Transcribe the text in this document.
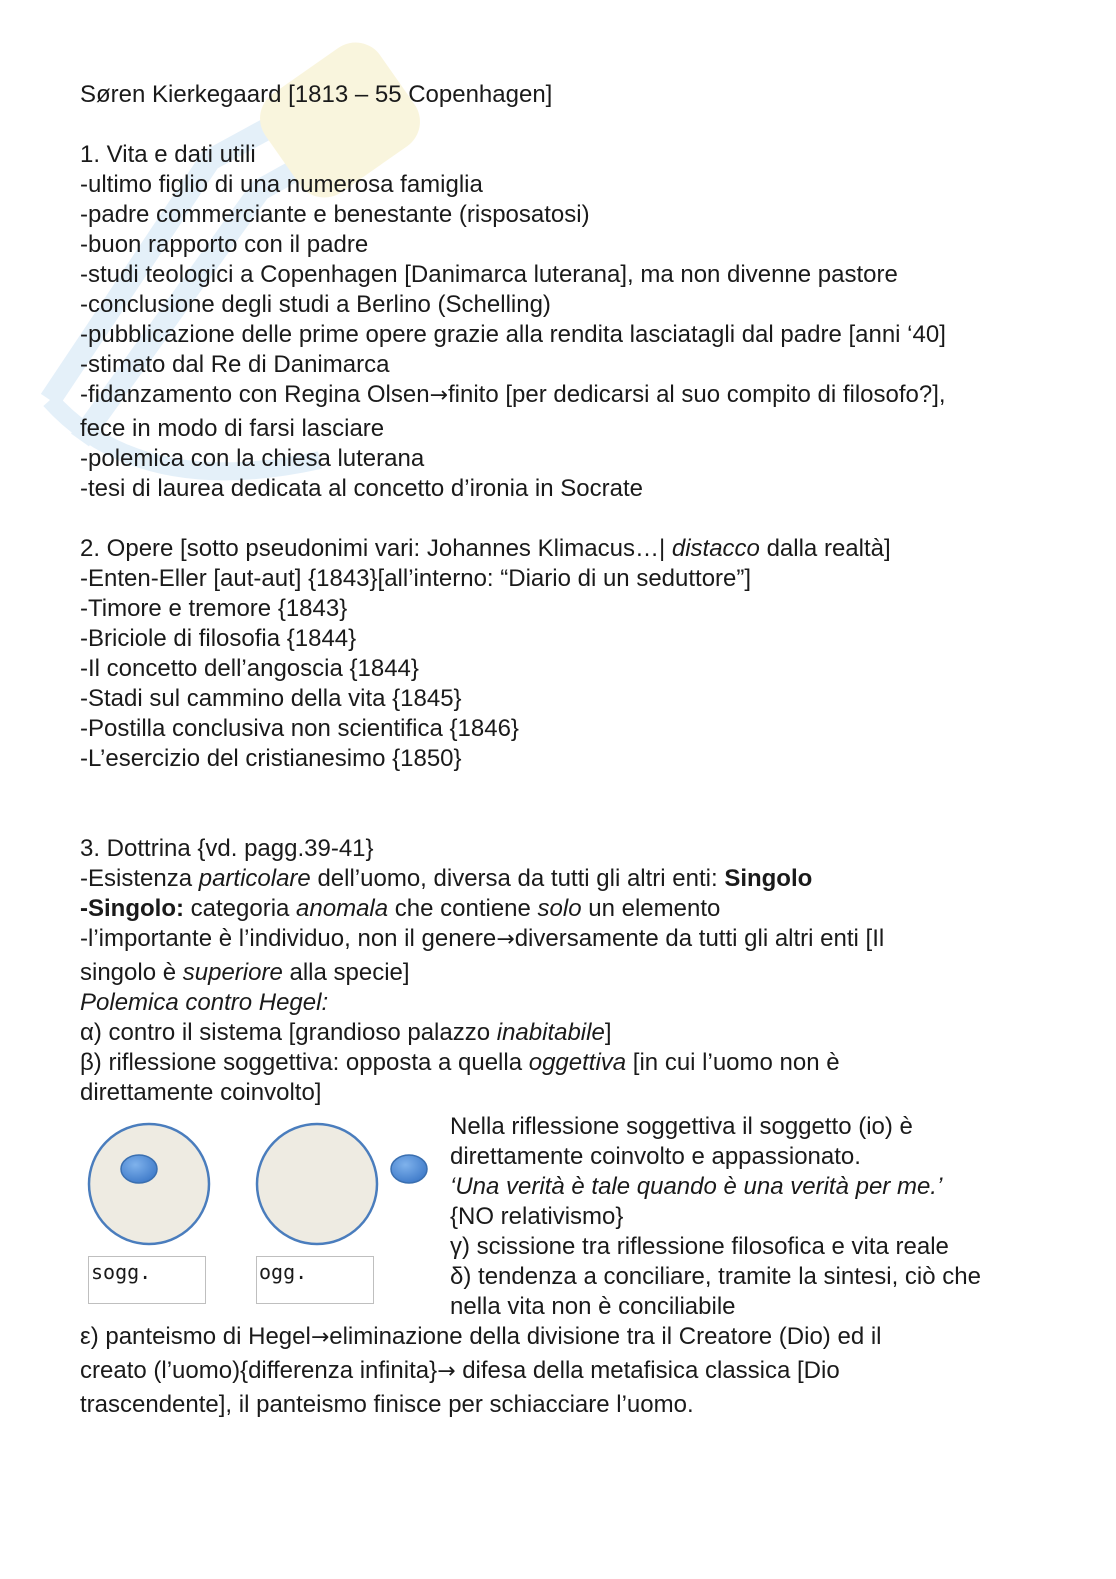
Søren Kierkegaard [1813 – 55 Copenhagen]
1. Vita e dati utili
-ultimo figlio di una numerosa famiglia
-padre commerciante e benestante (risposatosi)
-buon rapporto con il padre
-studi teologici a Copenhagen [Danimarca luterana], ma non divenne pastore
-conclusione degli studi a Berlino (Schelling)
-pubblicazione delle prime opere grazie alla rendita lasciatagli dal padre [anni ‘40]
-stimato dal Re di Danimarca
-fidanzamento con Regina Olsen→finito [per dedicarsi al suo compito di filosofo?],
fece in modo di farsi lasciare
-polemica con la chiesa luterana
-tesi di laurea dedicata al concetto d’ironia in Socrate
2. Opere [sotto pseudonimi vari: Johannes Klimacus…| distacco dalla realtà]
-Enten-Eller [aut-aut] {1843}[all’interno: “Diario di un seduttore”]
-Timore e tremore {1843}
-Briciole di filosofia {1844}
-Il concetto dell’angoscia {1844}
-Stadi sul cammino della vita {1845}
-Postilla conclusiva non scientifica {1846}
-L’esercizio del cristianesimo {1850}
3. Dottrina {vd. pagg.39-41}
-Esistenza particolare dell’uomo, diversa da tutti gli altri enti: Singolo
-Singolo: categoria anomala che contiene solo un elemento
-l’importante è l’individuo, non il genere→diversamente da tutti gli altri enti [Il
singolo è superiore alla specie]
Polemica contro Hegel:
α) contro il sistema [grandioso palazzo inabitabile]
β) riflessione soggettiva: opposta a quella oggettiva [in cui l’uomo non è
direttamente coinvolto]
sogg.	ogg.
Nella riflessione soggettiva il soggetto (io) è
direttamente coinvolto e appassionato.
‘Una verità è tale quando è una verità per me.’
{NO relativismo}
γ) scissione tra riflessione filosofica e vita reale
δ) tendenza a conciliare, tramite la sintesi, ciò che
nella vita non è conciliabile
ε) panteismo di Hegel→eliminazione della divisione tra il Creatore (Dio) ed il
creato (l’uomo){differenza infinita}→ difesa della metafisica classica [Dio
trascendente], il panteismo finisce per schiacciare l’uomo.
